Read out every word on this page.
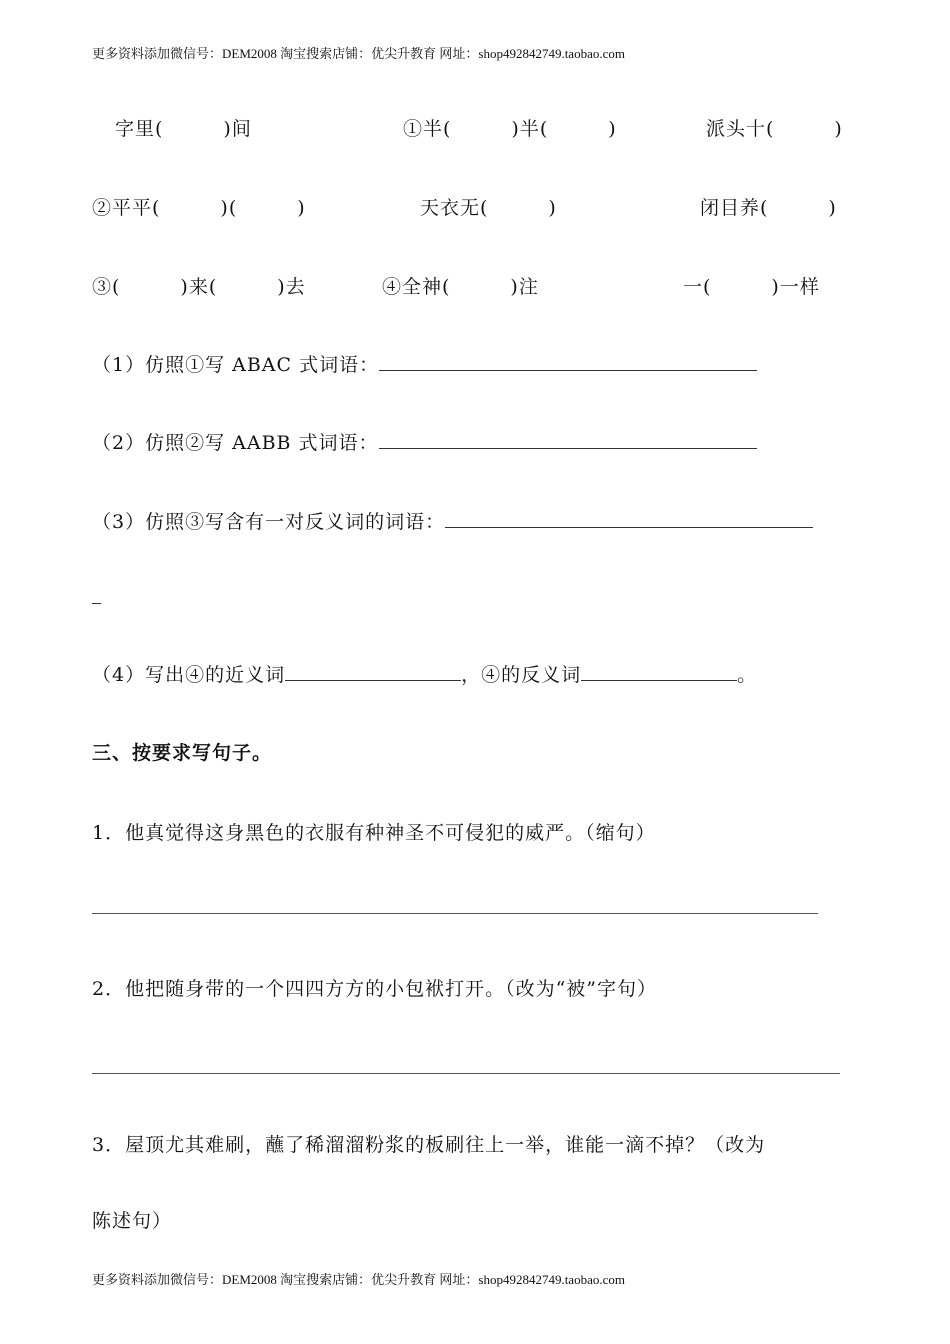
更多资料添加微信号：DEM2008 淘宝搜索店铺：优尖升教育 网址：shop492842749.taobao.com
字里(　　　)间	①半(　　　)半(　　　)	派头十(　　　)
②平平(　　　)(　　　)	天衣无(　　　)	闭目养(　　　)
③(　　　)来(　　　)去	④全神(　　　)注	一(　　　)一样
（1）仿照①写 ABAC 式词语：
（2）仿照②写 AABB 式词语：
（3）仿照③写含有一对反义词的词语：
（4）写出④的近义词	，④的反义词	。
三、按要求写句子。
1．他真觉得这身黑色的衣服有种神圣不可侵犯的威严。（缩句）
2．他把随身带的一个四四方方的小包袱打开。（改为“被”字句）
3．屋顶尤其难刷，蘸了稀溜溜粉浆的板刷往上一举，谁能一滴不掉？（改为
陈述句）
更多资料添加微信号：DEM2008 淘宝搜索店铺：优尖升教育 网址：shop492842749.taobao.com
